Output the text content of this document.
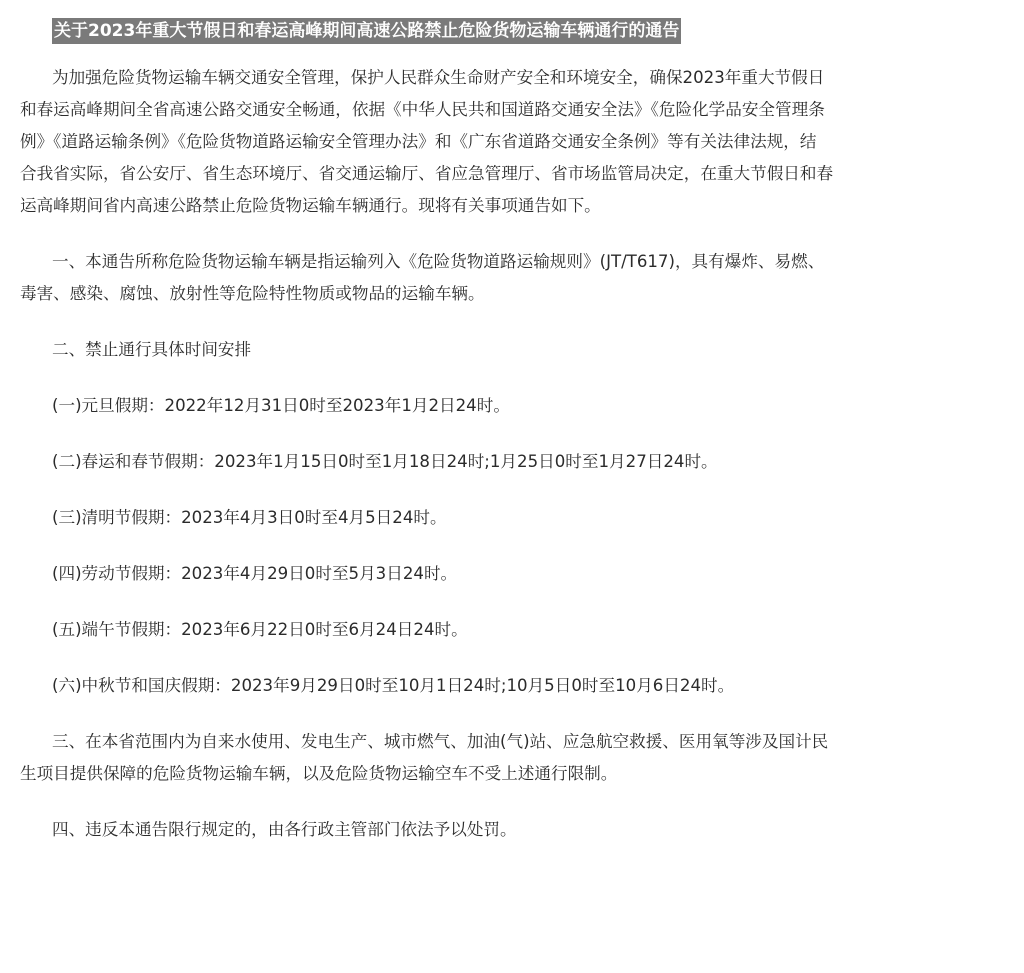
关于2023年重大节假日和春运高峰期间高速公路禁止危险货物运输车辆通行的通告
为加强危险货物运输车辆交通安全管理，保护人民群众生命财产安全和环境安全，确保2023年重大节假日
和春运高峰期间全省高速公路交通安全畅通，依据《中华人民共和国道路交通安全法》《危险化学品安全管理条
例》《道路运输条例》《危险货物道路运输安全管理办法》和《广东省道路交通安全条例》等有关法律法规，结
合我省实际，省公安厅、省生态环境厅、省交通运输厅、省应急管理厅、省市场监管局决定，在重大节假日和春
运高峰期间省内高速公路禁止危险货物运输车辆通行。现将有关事项通告如下。
一、本通告所称危险货物运输车辆是指运输列入《危险货物道路运输规则》(JT/T617)，具有爆炸、易燃、
毒害、感染、腐蚀、放射性等危险特性物质或物品的运输车辆。
二、禁止通行具体时间安排
(一)元旦假期：2022年12月31日0时至2023年1月2日24时。
(二)春运和春节假期：2023年1月15日0时至1月18日24时;1月25日0时至1月27日24时。
(三)清明节假期：2023年4月3日0时至4月5日24时。
(四)劳动节假期：2023年4月29日0时至5月3日24时。
(五)端午节假期：2023年6月22日0时至6月24日24时。
(六)中秋节和国庆假期：2023年9月29日0时至10月1日24时;10月5日0时至10月6日24时。
三、在本省范围内为自来水使用、发电生产、城市燃气、加油(气)站、应急航空救援、医用氧等涉及国计民
生项目提供保障的危险货物运输车辆，以及危险货物运输空车不受上述通行限制。
四、违反本通告限行规定的，由各行政主管部门依法予以处罚。
